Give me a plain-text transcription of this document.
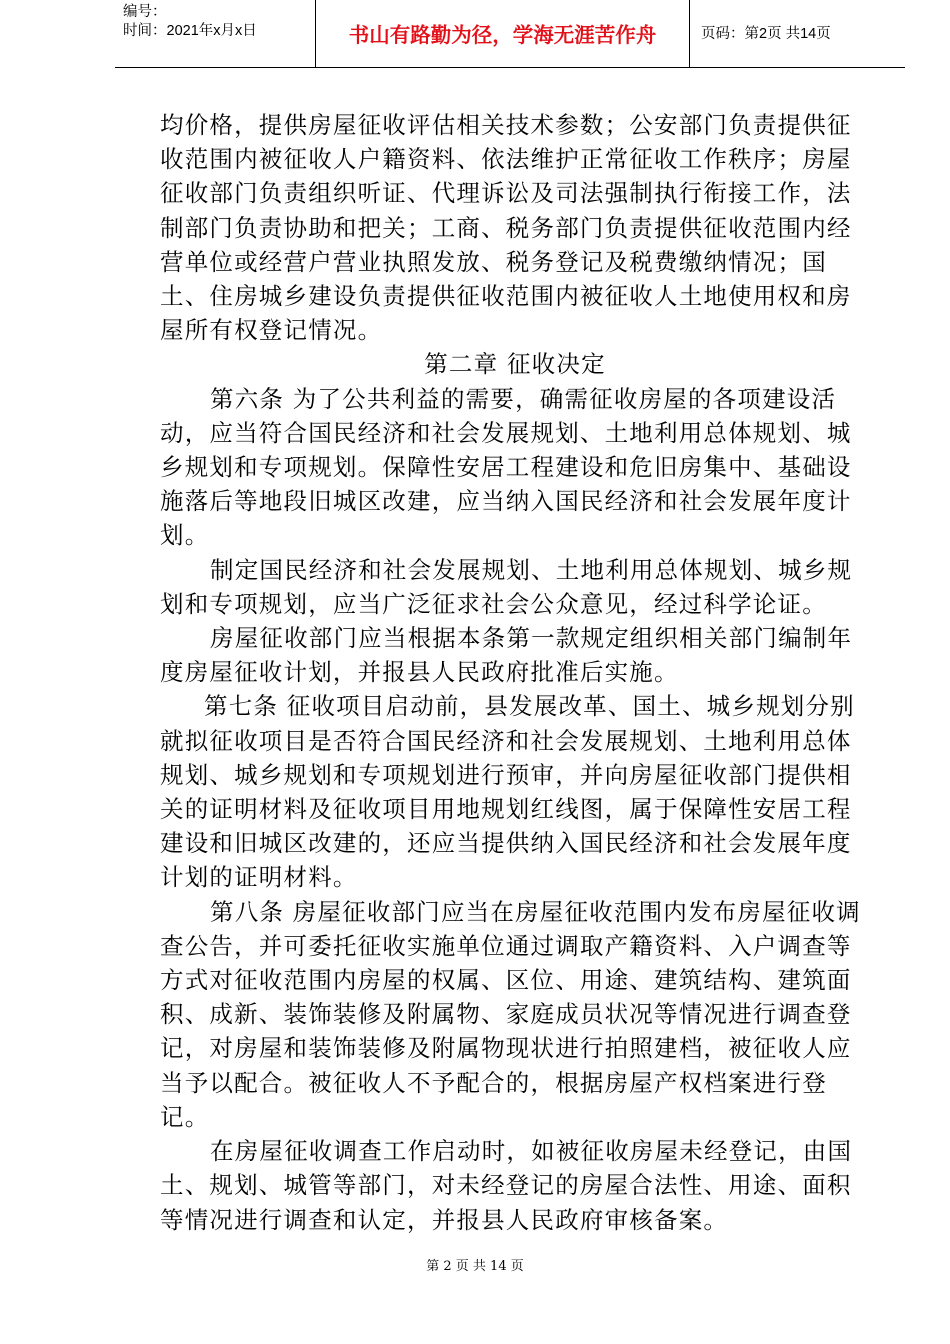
编号：
时间：2021年x月x日	书山有路勤为径，学海无涯苦作舟	页码：第2页 共14页

均价格，提供房屋征收评估相关技术参数；公安部门负责提供征收范围内被征收人户籍资料、依法维护正常征收工作秩序；房屋征收部门负责组织听证、代理诉讼及司法强制执行衔接工作，法制部门负责协助和把关；工商、税务部门负责提供征收范围内经营单位或经营户营业执照发放、税务登记及税费缴纳情况；国土、住房城乡建设负责提供征收范围内被征收人土地使用权和房屋所有权登记情况。

第二章 征收决定

第六条 为了公共利益的需要，确需征收房屋的各项建设活动，应当符合国民经济和社会发展规划、土地利用总体规划、城乡规划和专项规划。保障性安居工程建设和危旧房集中、基础设施落后等地段旧城区改建，应当纳入国民经济和社会发展年度计划。

制定国民经济和社会发展规划、土地利用总体规划、城乡规划和专项规划，应当广泛征求社会公众意见，经过科学论证。

房屋征收部门应当根据本条第一款规定组织相关部门编制年度房屋征收计划，并报县人民政府批准后实施。

第七条 征收项目启动前，县发展改革、国土、城乡规划分别就拟征收项目是否符合国民经济和社会发展规划、土地利用总体规划、城乡规划和专项规划进行预审，并向房屋征收部门提供相关的证明材料及征收项目用地规划红线图，属于保障性安居工程建设和旧城区改建的，还应当提供纳入国民经济和社会发展年度计划的证明材料。

第八条 房屋征收部门应当在房屋征收范围内发布房屋征收调查公告，并可委托征收实施单位通过调取产籍资料、入户调查等方式对征收范围内房屋的权属、区位、用途、建筑结构、建筑面积、成新、装饰装修及附属物、家庭成员状况等情况进行调查登记，对房屋和装饰装修及附属物现状进行拍照建档，被征收人应当予以配合。被征收人不予配合的，根据房屋产权档案进行登记。

在房屋征收调查工作启动时，如被征收房屋未经登记，由国土、规划、城管等部门，对未经登记的房屋合法性、用途、面积等情况进行调查和认定，并报县人民政府审核备案。

第 2 页 共 14 页
